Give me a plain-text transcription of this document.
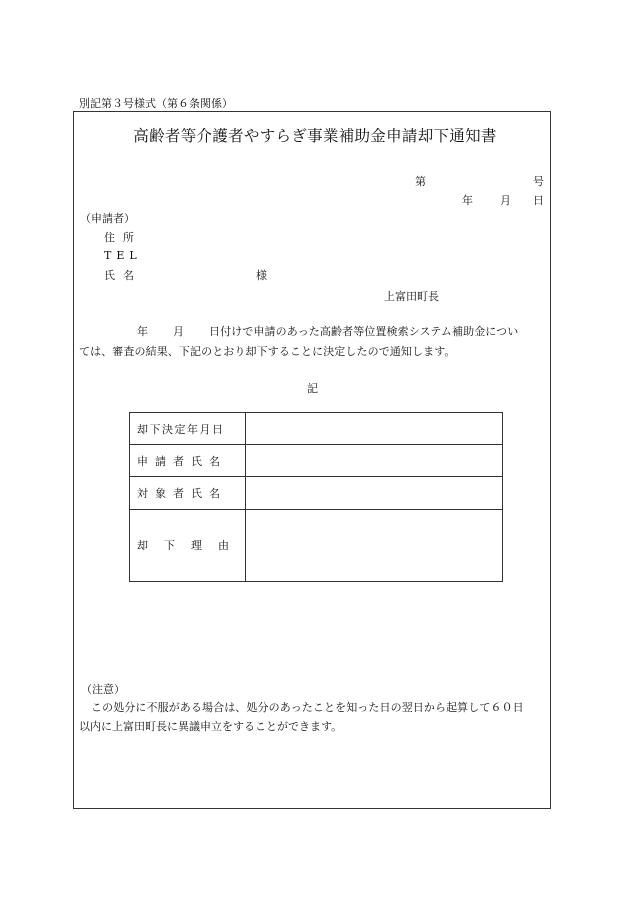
別記第３号様式（第６条関係）
高齢者等介護者やすらぎ事業補助金申請却下通知書
第	号
年 月 日
（申請者）
住所
TEL
氏名	様
上富田町長
年 月 日付けで申請のあった高齢者等位置検索システム補助金につい
ては、審査の結果、下記のとおり却下することに決定したので通知します。
記
却下決定年月日	
申請者氏名	
対象者氏名	
却下理由	
（注意）
この処分に不服がある場合は、処分のあったことを知った日の翌日から起算して６０日
以内に上富田町長に異議申立をすることができます。
